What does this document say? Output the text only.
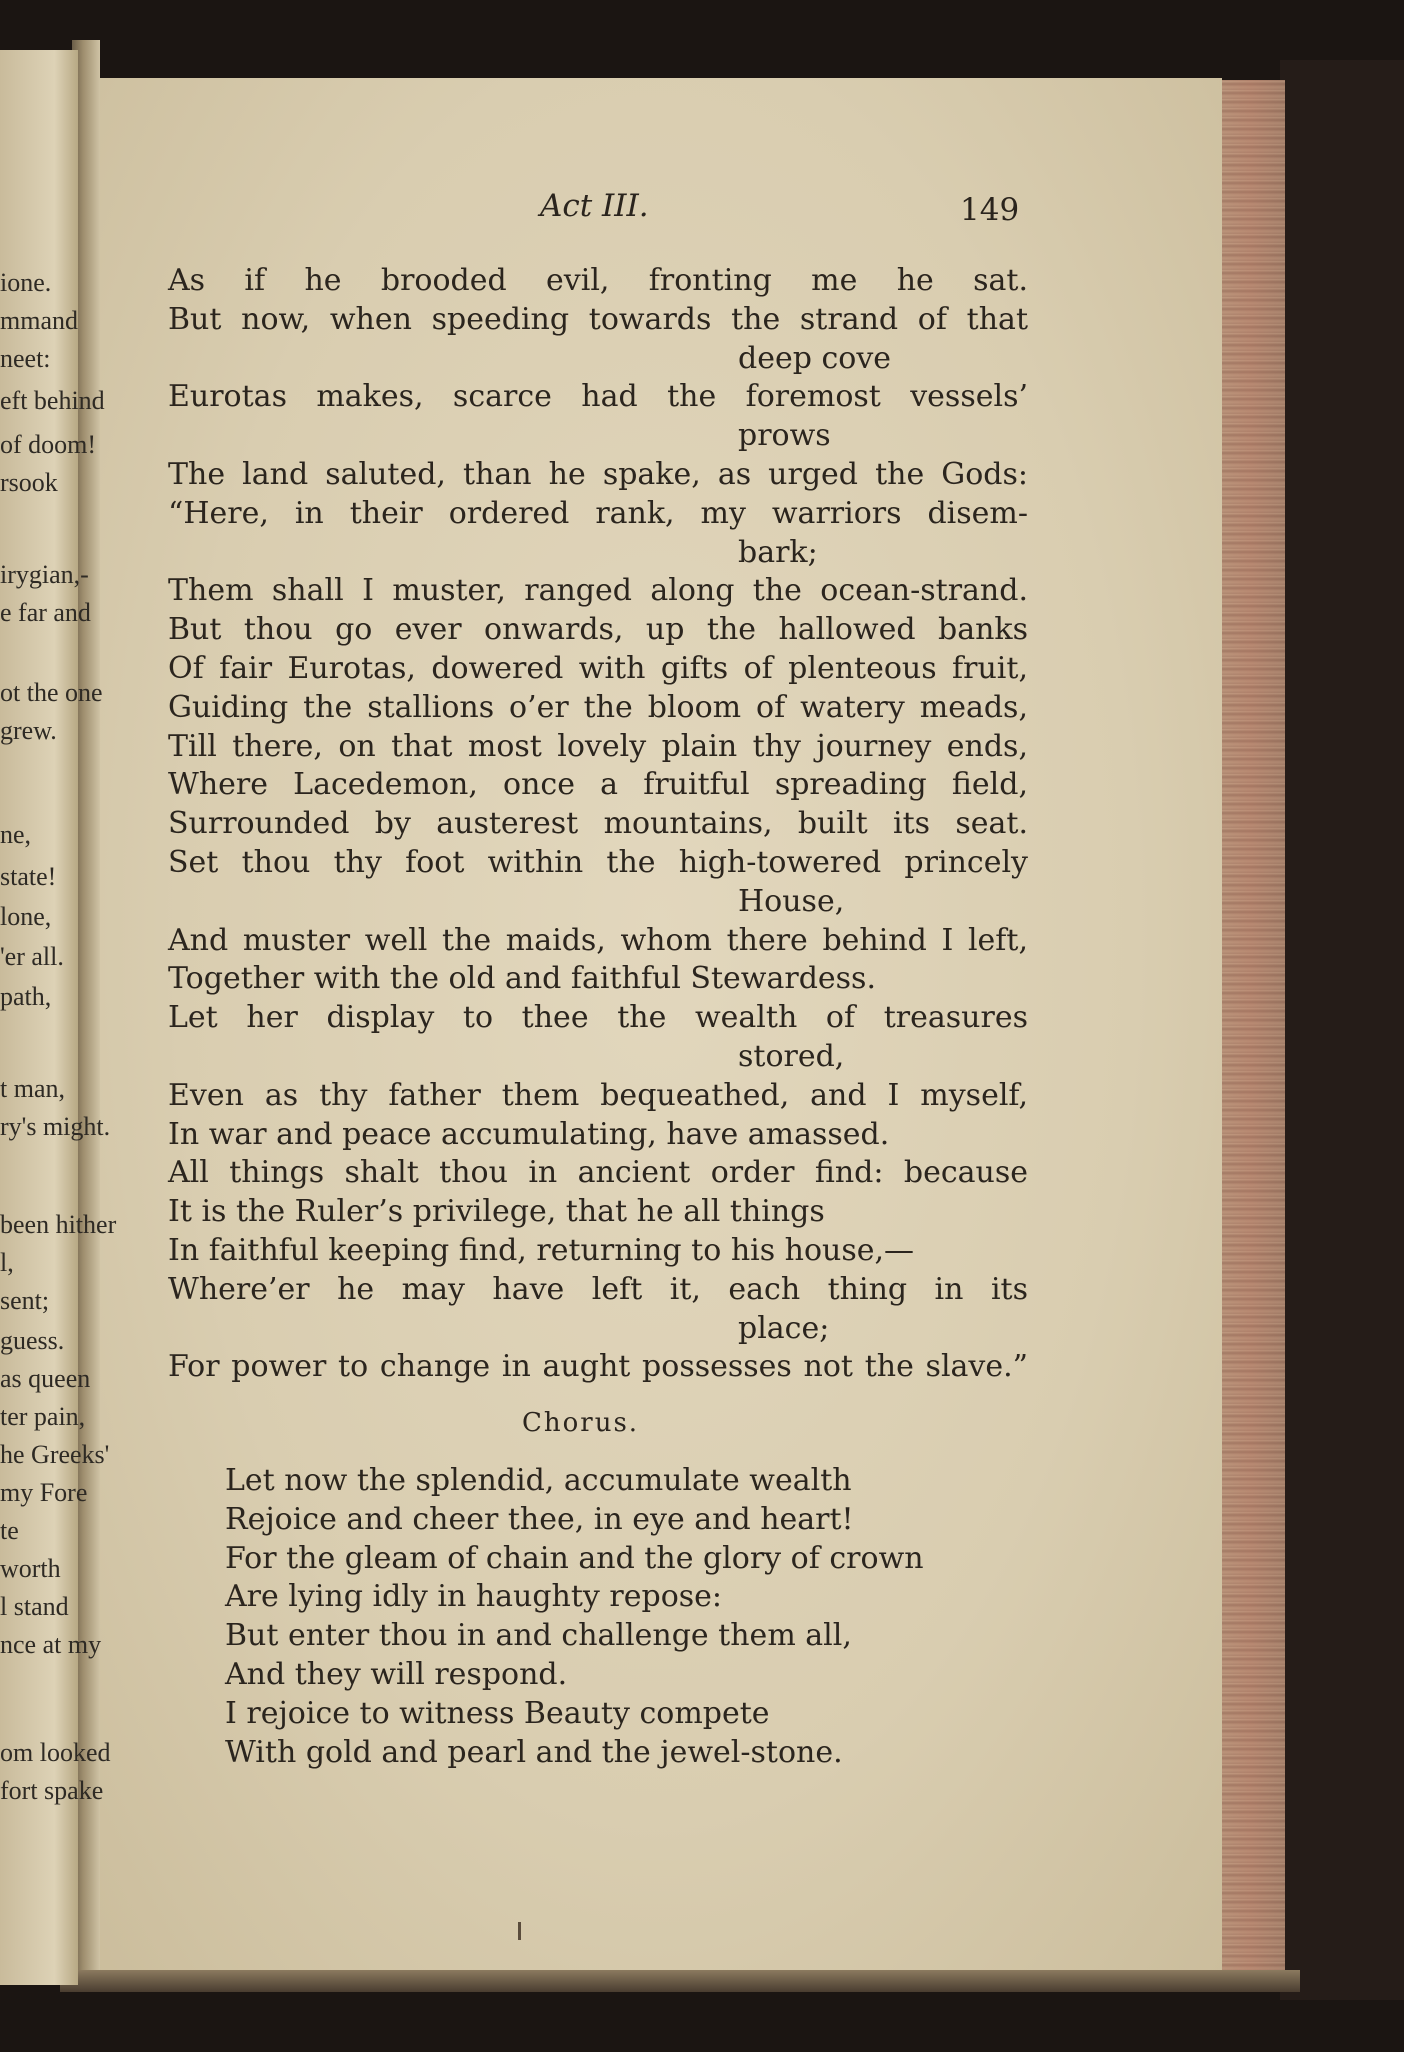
ione.
mmand
neet:
eft behind
of doom!
rsook
irygian,-
e far and
ot the one
grew.
ne,
state!
lone,
'er all.
path,
t man,
ry's might.
been hither
l,
sent;
guess.
as queen
ter pain,
he Greeks'
my Fore
te
worth
l stand
nce at my
om looked
fort spake
Act III.	149
As if he brooded evil, fronting me he sat.
But now, when speeding towards the strand of that
deep cove
Eurotas makes, scarce had the foremost vessels’
prows
The land saluted, than he spake, as urged the Gods:
“Here, in their ordered rank, my warriors disem-
bark;
Them shall I muster, ranged along the ocean-strand.
But thou go ever onwards, up the hallowed banks
Of fair Eurotas, dowered with gifts of plenteous fruit,
Guiding the stallions o’er the bloom of watery meads,
Till there, on that most lovely plain thy journey ends,
Where Lacedemon, once a fruitful spreading field,
Surrounded by austerest mountains, built its seat.
Set thou thy foot within the high-towered princely
House,
And muster well the maids, whom there behind I left,
Together with the old and faithful Stewardess.
Let her display to thee the wealth of treasures
stored,
Even as thy father them bequeathed, and I myself,
In war and peace accumulating, have amassed.
All things shalt thou in ancient order find: because
It is the Ruler’s privilege, that he all things
In faithful keeping find, returning to his house,—
Where’er he may have left it, each thing in its
place;
For power to change in aught possesses not the slave.”
Chorus.
Let now the splendid, accumulate wealth
Rejoice and cheer thee, in eye and heart!
For the gleam of chain and the glory of crown
Are lying idly in haughty repose:
But enter thou in and challenge them all,
And they will respond.
I rejoice to witness Beauty compete
With gold and pearl and the jewel-stone.
